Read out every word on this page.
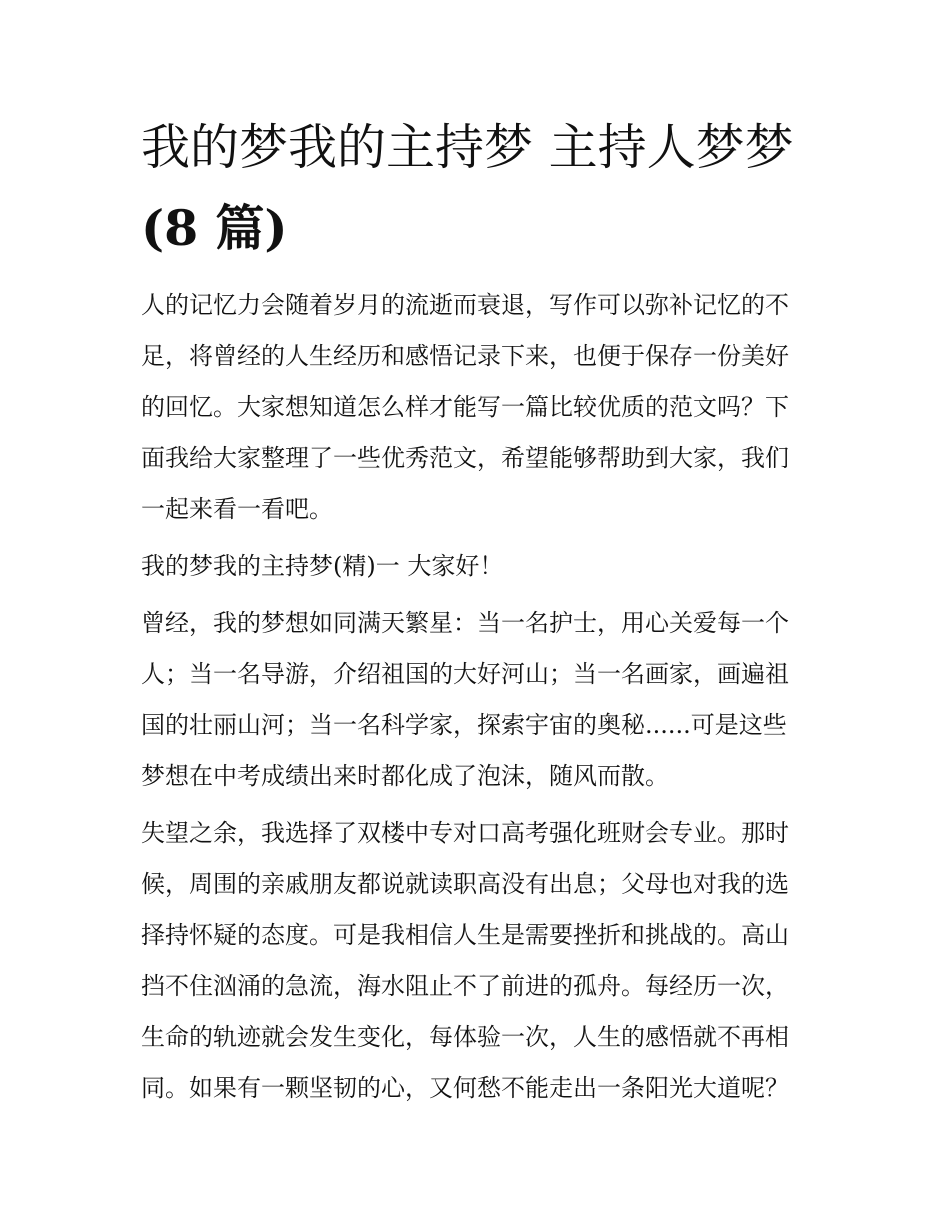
我的梦我的主持梦 主持人梦梦
(8 篇)

人的记忆力会随着岁月的流逝而衰退，写作可以弥补记忆的不
足，将曾经的人生经历和感悟记录下来，也便于保存一份美好
的回忆。大家想知道怎么样才能写一篇比较优质的范文吗？下
面我给大家整理了一些优秀范文，希望能够帮助到大家，我们
一起来看一看吧。

我的梦我的主持梦(精)一 大家好！

曾经，我的梦想如同满天繁星：当一名护士，用心关爱每一个
人；当一名导游，介绍祖国的大好河山；当一名画家，画遍祖
国的壮丽山河；当一名科学家，探索宇宙的奥秘......可是这些
梦想在中考成绩出来时都化成了泡沫，随风而散。

失望之余，我选择了双楼中专对口高考强化班财会专业。那时
候，周围的亲戚朋友都说就读职高没有出息；父母也对我的选
择持怀疑的态度。可是我相信人生是需要挫折和挑战的。高山
挡不住汹涌的急流，海水阻止不了前进的孤舟。每经历一次，
生命的轨迹就会发生变化，每体验一次，人生的感悟就不再相
同。如果有一颗坚韧的心，又何愁不能走出一条阳光大道呢？
